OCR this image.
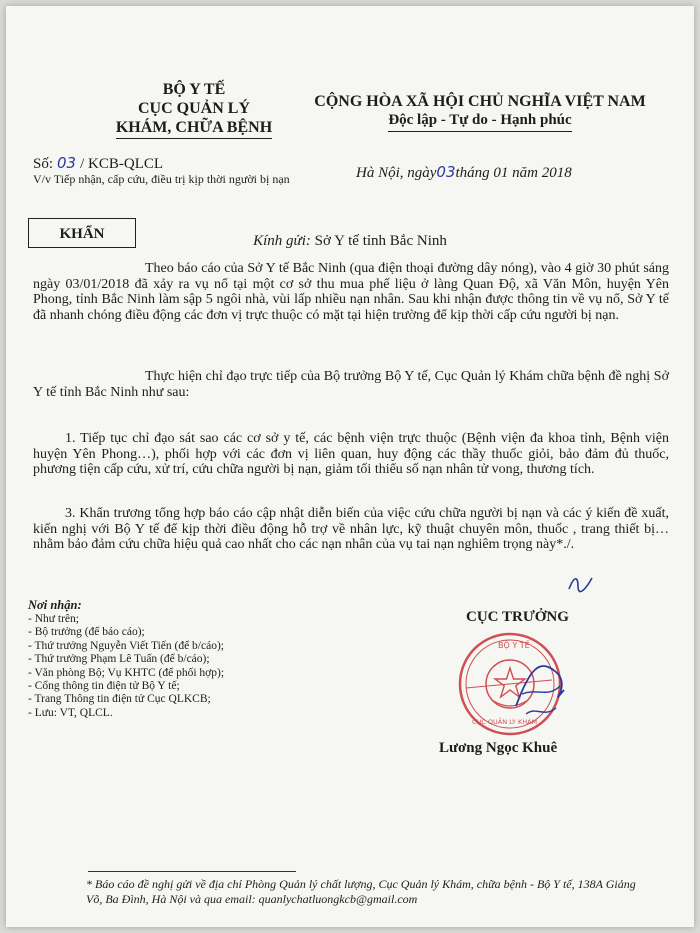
BỘ Y TẾ
CỤC QUẢN LÝ
KHÁM, CHỮA BỆNH
CỘNG HÒA XÃ HỘI CHỦ NGHĨA VIỆT NAM
Độc lập - Tự do - Hạnh phúc
Số: 03 / KCB-QLCL
V/v Tiếp nhận, cấp cứu, điều trị kịp thời người bị nạn	Hà Nội, ngày03tháng 01 năm 2018
KHẨN	Kính gửi: Sở Y tế tỉnh Bắc Ninh
Theo báo cáo của Sở Y tế Bắc Ninh (qua điện thoại đường dây nóng), vào 4 giờ 30 phút sáng ngày 03/01/2018 đã xảy ra vụ nổ tại một cơ sở thu mua phế liệu ở làng Quan Độ, xã Văn Môn, huyện Yên Phong, tỉnh Bắc Ninh làm sập 5 ngôi nhà, vùi lấp nhiều nạn nhân. Sau khi nhận được thông tin về vụ nổ, Sở Y tế đã nhanh chóng điều động các đơn vị trực thuộc có mặt tại hiện trường để kịp thời cấp cứu người bị nạn.
Thực hiện chỉ đạo trực tiếp của Bộ trưởng Bộ Y tế, Cục Quản lý Khám chữa bệnh đề nghị Sở Y tế tỉnh Bắc Ninh như sau:
1. Tiếp tục chỉ đạo sát sao các cơ sở y tế, các bệnh viện trực thuộc (Bệnh viện đa khoa tỉnh, Bệnh viện huyện Yên Phong…), phối hợp với các đơn vị liên quan, huy động các thầy thuốc giỏi, bảo đảm đủ thuốc, phương tiện cấp cứu, xử trí, cứu chữa người bị nạn, giảm tối thiểu số nạn nhân tử vong, thương tích.
3. Khẩn trương tổng hợp báo cáo cập nhật diễn biến của việc cứu chữa người bị nạn và các ý kiến đề xuất, kiến nghị với Bộ Y tế để kịp thời điều động hỗ trợ về nhân lực, kỹ thuật chuyên môn, thuốc , trang thiết bị… nhằm bảo đảm cứu chữa hiệu quả cao nhất cho các nạn nhân của vụ tai nạn nghiêm trọng này*./.
Nơi nhận:
- Như trên;
- Bộ trưởng (để báo cáo);
- Thứ trưởng Nguyễn Viết Tiến (để b/cáo);
- Thứ trưởng Phạm Lê Tuấn (để b/cáo);
- Văn phòng Bộ; Vụ KHTC (để phối hợp);
- Cổng thông tin điện tử Bộ Y tế;
- Trang Thông tin điện tử Cục QLKCB;
- Lưu: VT, QLCL.
CỤC TRƯỞNG
BỘ Y TẾ
CỤC QUẢN LÝ KHÁM
Lương Ngọc Khuê
* Báo cáo đề nghị gửi về địa chỉ Phòng Quản lý chất lượng, Cục Quản lý Khám, chữa bệnh - Bộ Y tế, 138A Giảng Võ, Ba Đình, Hà Nội và qua email: quanlychatluongkcb@gmail.com
